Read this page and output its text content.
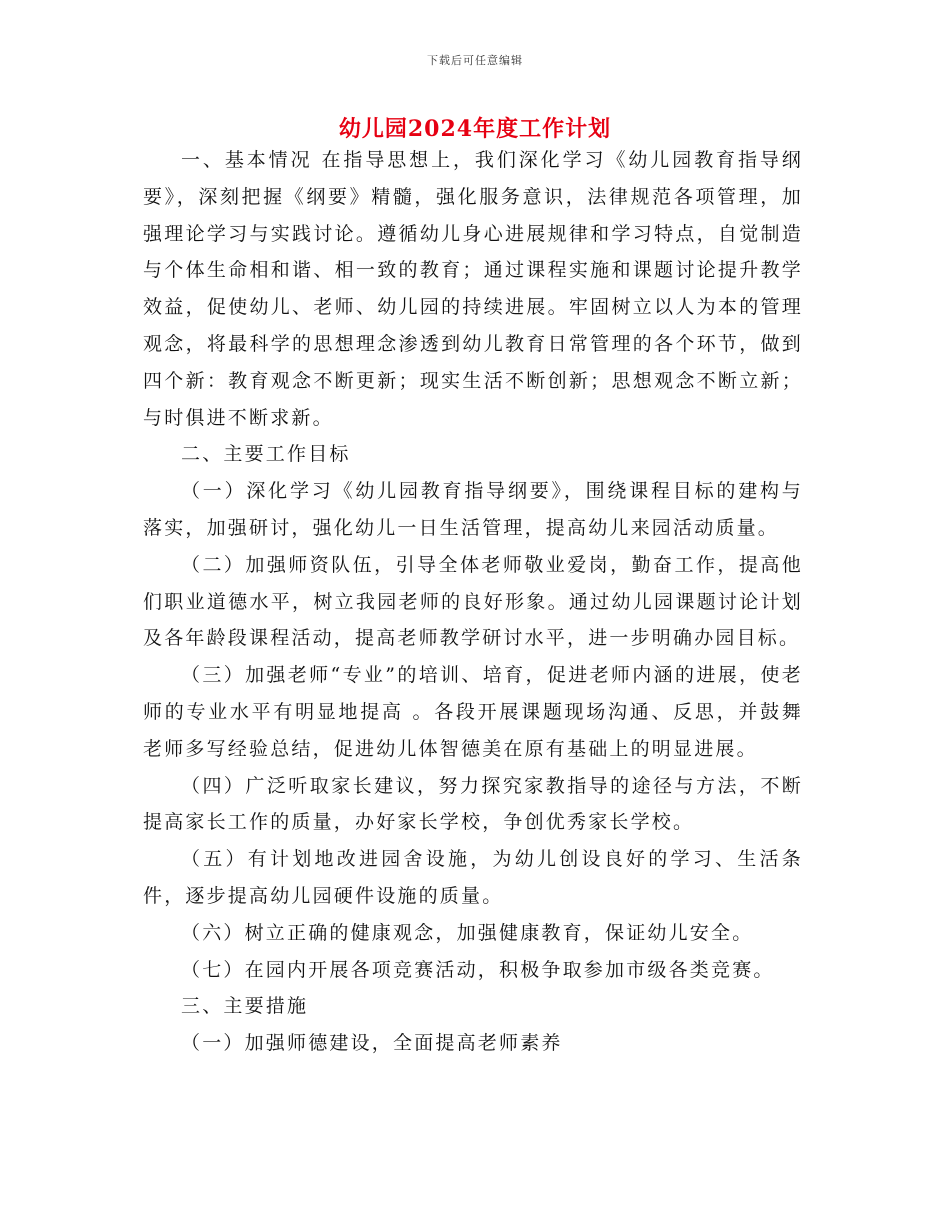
下载后可任意编辑
幼儿园2024年度工作计划

一、基本情况 在指导思想上，我们深化学习《幼儿园教育指导纲要》，深刻把握《纲要》精髓，强化服务意识，法律规范各项管理，加强理论学习与实践讨论。遵循幼儿身心进展规律和学习特点，自觉制造与个体生命相和谐、相一致的教育；通过课程实施和课题讨论提升教学效益，促使幼儿、老师、幼儿园的持续进展。牢固树立以人为本的管理观念，将最科学的思想理念渗透到幼儿教育日常管理的各个环节，做到四个新：教育观念不断更新；现实生活不断创新；思想观念不断立新；与时俱进不断求新。

二、主要工作目标

（一）深化学习《幼儿园教育指导纲要》，围绕课程目标的建构与落实，加强研讨，强化幼儿一日生活管理，提高幼儿来园活动质量。

（二）加强师资队伍，引导全体老师敬业爱岗，勤奋工作，提高他们职业道德水平，树立我园老师的良好形象。通过幼儿园课题讨论计划及各年龄段课程活动，提高老师教学研讨水平，进一步明确办园目标。

（三）加强老师“专业”的培训、培育，促进老师内涵的进展，使老师的专业水平有明显地提高 。各段开展课题现场沟通、反思，并鼓舞老师多写经验总结，促进幼儿体智德美在原有基础上的明显进展。

（四）广泛听取家长建议，努力探究家教指导的途径与方法，不断提高家长工作的质量，办好家长学校，争创优秀家长学校。

（五）有计划地改进园舍设施，为幼儿创设良好的学习、生活条件，逐步提高幼儿园硬件设施的质量。

（六）树立正确的健康观念，加强健康教育，保证幼儿安全。

（七）在园内开展各项竞赛活动，积极争取参加市级各类竞赛。

三、主要措施

（一）加强师德建设，全面提高老师素养
